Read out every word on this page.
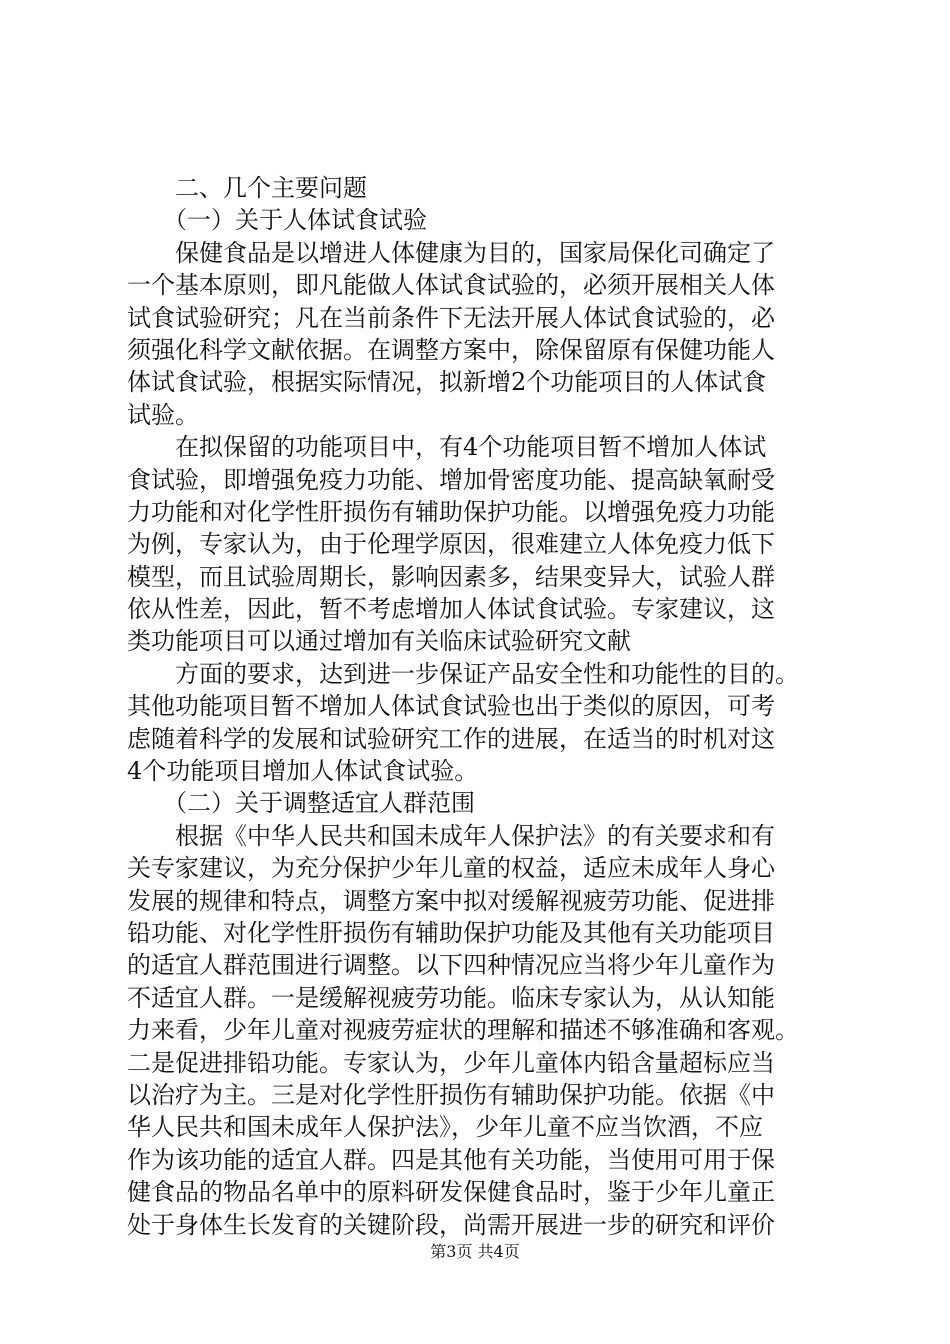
　　二、几个主要问题
　　（一）关于人体试食试验
　　保健食品是以增进人体健康为目的，国家局保化司确定了
一个基本原则，即凡能做人体试食试验的，必须开展相关人体
试食试验研究；凡在当前条件下无法开展人体试食试验的，必
须强化科学文献依据。在调整方案中，除保留原有保健功能人
体试食试验，根据实际情况，拟新增2个功能项目的人体试食
试验。
　　在拟保留的功能项目中，有4个功能项目暂不增加人体试
食试验，即增强免疫力功能、增加骨密度功能、提高缺氧耐受
力功能和对化学性肝损伤有辅助保护功能。以增强免疫力功能
为例，专家认为，由于伦理学原因，很难建立人体免疫力低下
模型，而且试验周期长，影响因素多，结果变异大，试验人群
依从性差，因此，暂不考虑增加人体试食试验。专家建议，这
类功能项目可以通过增加有关临床试验研究文献
　　方面的要求，达到进一步保证产品安全性和功能性的目的。
其他功能项目暂不增加人体试食试验也出于类似的原因，可考
虑随着科学的发展和试验研究工作的进展，在适当的时机对这
4个功能项目增加人体试食试验。
　　（二）关于调整适宜人群范围
　　根据《中华人民共和国未成年人保护法》的有关要求和有
关专家建议，为充分保护少年儿童的权益，适应未成年人身心
发展的规律和特点，调整方案中拟对缓解视疲劳功能、促进排
铅功能、对化学性肝损伤有辅助保护功能及其他有关功能项目
的适宜人群范围进行调整。以下四种情况应当将少年儿童作为
不适宜人群。一是缓解视疲劳功能。临床专家认为，从认知能
力来看，少年儿童对视疲劳症状的理解和描述不够准确和客观。
二是促进排铅功能。专家认为，少年儿童体内铅含量超标应当
以治疗为主。三是对化学性肝损伤有辅助保护功能。依据《中
华人民共和国未成年人保护法》，少年儿童不应当饮酒，不应
作为该功能的适宜人群。四是其他有关功能，当使用可用于保
健食品的物品名单中的原料研发保健食品时，鉴于少年儿童正
处于身体生长发育的关键阶段，尚需开展进一步的研究和评价
第3页 共4页
